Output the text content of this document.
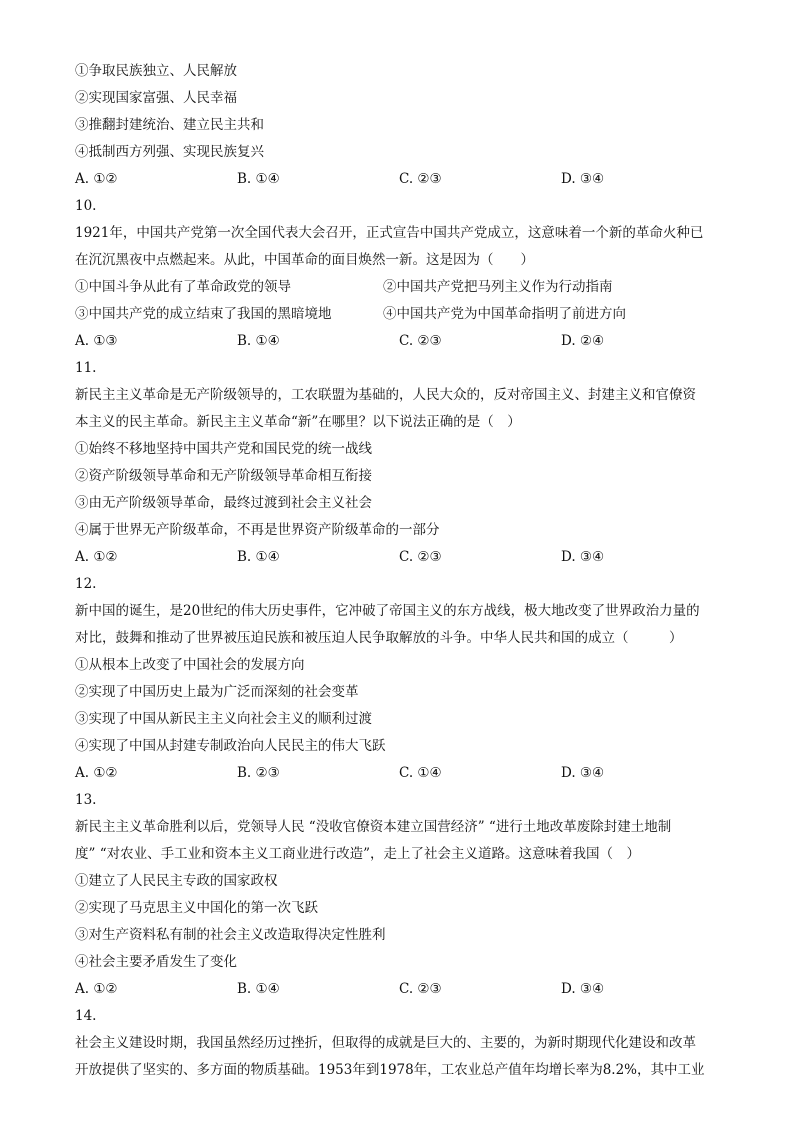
①争取民族独立、人民解放
②实现国家富强、人民幸福
③推翻封建统治、建立民主共和
④抵制西方列强、实现民族复兴
A. ①②	B. ①④	C. ②③	D. ③④
10.
1921年，中国共产党第一次全国代表大会召开，正式宣告中国共产党成立，这意味着一个新的革命火种已
在沉沉黑夜中点燃起来。从此，中国革命的面目焕然一新。这是因为（　　）
①中国斗争从此有了革命政党的领导	②中国共产党把马列主义作为行动指南
③中国共产党的成立结束了我国的黑暗境地	④中国共产党为中国革命指明了前进方向
A. ①③	B. ①④	C. ②③	D. ②④
11.
新民主主义革命是无产阶级领导的，工农联盟为基础的，人民大众的，反对帝国主义、封建主义和官僚资
本主义的民主革命。新民主主义革命“新”在哪里？以下说法正确的是（　）
①始终不移地坚持中国共产党和国民党的统一战线
②资产阶级领导革命和无产阶级领导革命相互衔接
③由无产阶级领导革命，最终过渡到社会主义社会
④属于世界无产阶级革命，不再是世界资产阶级革命的一部分
A. ①②	B. ①④	C. ②③	D. ③④
12.
新中国的诞生，是20世纪的伟大历史事件，它冲破了帝国主义的东方战线，极大地改变了世界政治力量的
对比，鼓舞和推动了世界被压迫民族和被压迫人民争取解放的斗争。中华人民共和国的成立（　　　）
①从根本上改变了中国社会的发展方向
②实现了中国历史上最为广泛而深刻的社会变革
③实现了中国从新民主主义向社会主义的顺利过渡
④实现了中国从封建专制政治向人民民主的伟大飞跃
A. ①②	B. ②③	C. ①④	D. ③④
13.
新民主主义革命胜利以后，党领导人民 “没收官僚资本建立国营经济” “进行土地改革废除封建土地制
度” “对农业、手工业和资本主义工商业进行改造”，走上了社会主义道路。这意味着我国（　）
①建立了人民民主专政的国家政权
②实现了马克思主义中国化的第一次飞跃
③对生产资料私有制的社会主义改造取得决定性胜利
④社会主要矛盾发生了变化
A. ①②	B. ①④	C. ②③	D. ③④
14.
社会主义建设时期，我国虽然经历过挫折，但取得的成就是巨大的、主要的，为新时期现代化建设和改革
开放提供了坚实的、多方面的物质基础。1953年到1978年，工农业总产值年均增长率为8.2%，其中工业
